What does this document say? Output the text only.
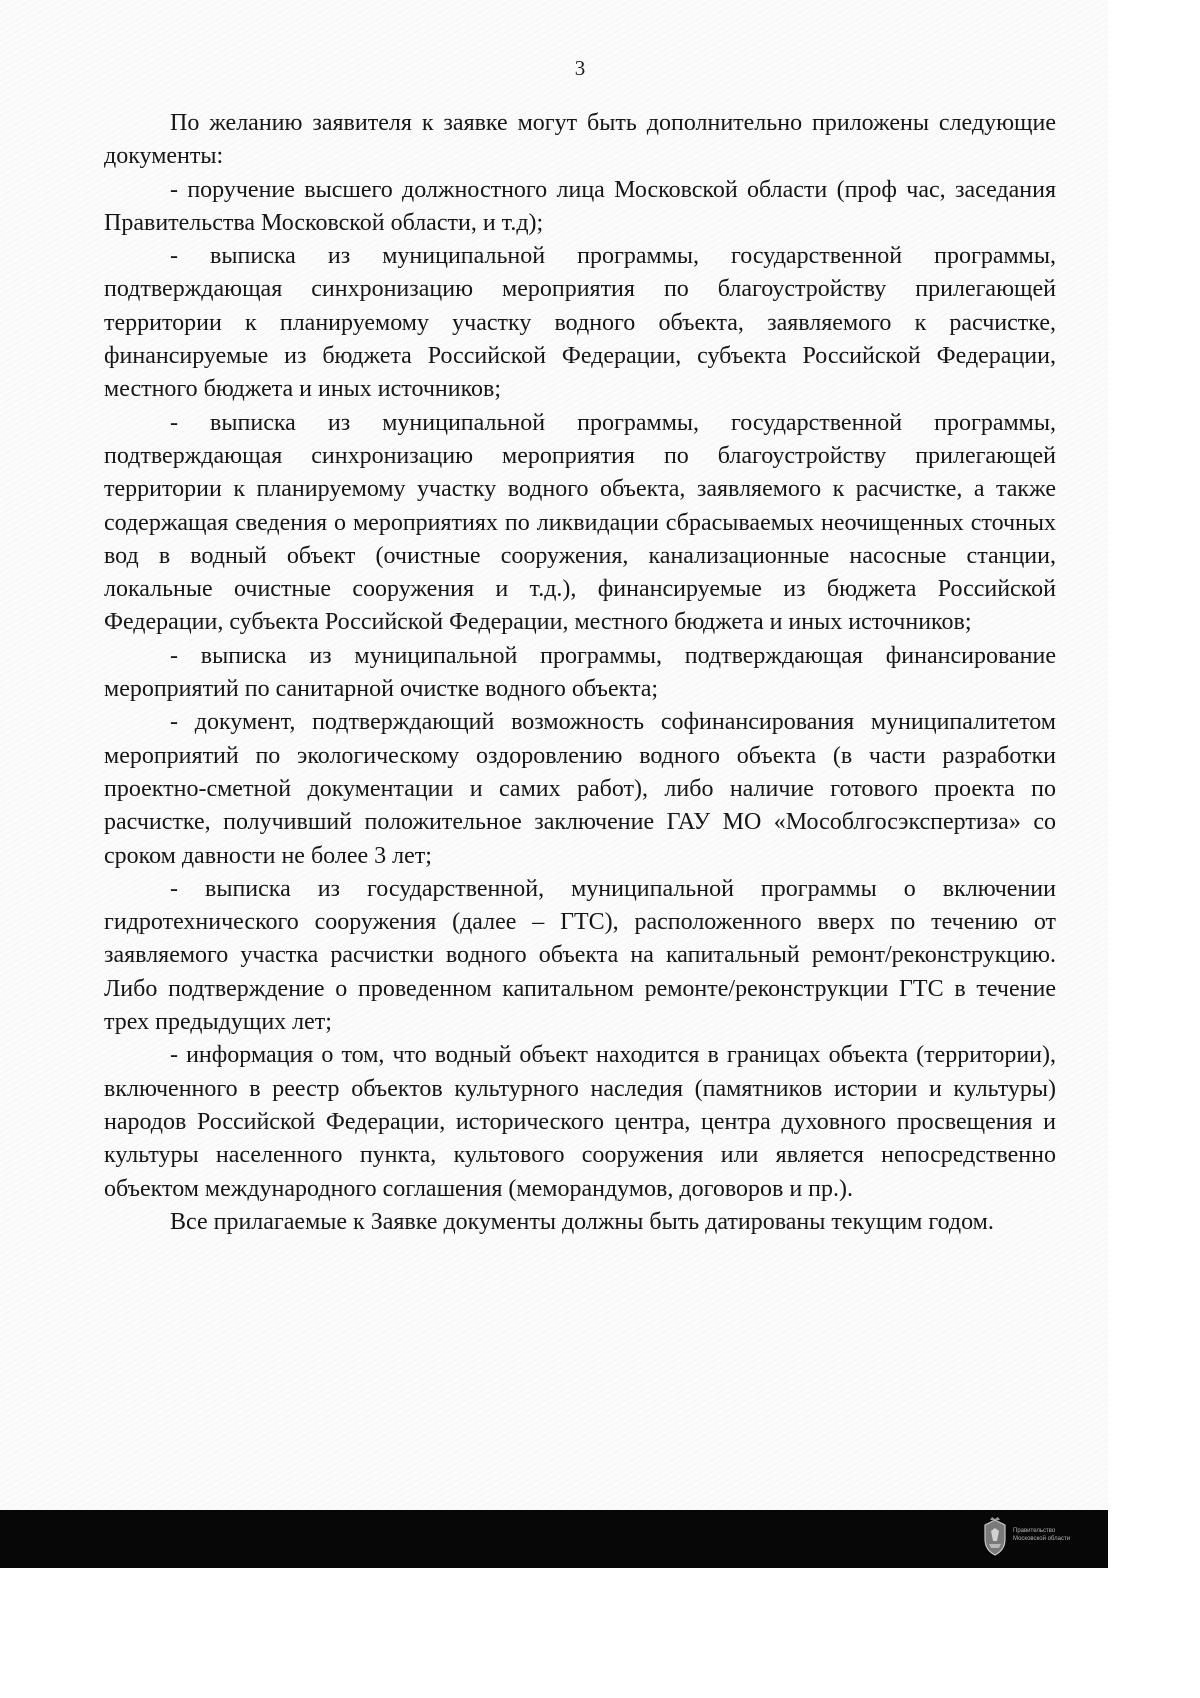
3

По желанию заявителя к заявке могут быть дополнительно приложены следующие документы:

- поручение высшего должностного лица Московской области (проф час, заседания Правительства Московской области, и т.д);

- выписка из муниципальной программы, государственной программы, подтверждающая синхронизацию мероприятия по благоустройству прилегающей территории к планируемому участку водного объекта, заявляемого к расчистке, финансируемые из бюджета Российской Федерации, субъекта Российской Федерации, местного бюджета и иных источников;

- выписка из муниципальной программы, государственной программы, подтверждающая синхронизацию мероприятия по благоустройству прилегающей территории к планируемому участку водного объекта, заявляемого к расчистке, а также содержащая сведения о мероприятиях по ликвидации сбрасываемых неочищенных сточных вод в водный объект (очистные сооружения, канализационные насосные станции, локальные очистные сооружения и т.д.), финансируемые из бюджета Российской Федерации, субъекта Российской Федерации, местного бюджета и иных источников;

- выписка из муниципальной программы, подтверждающая финансирование мероприятий по санитарной очистке водного объекта;

- документ, подтверждающий возможность софинансирования муниципалитетом мероприятий по экологическому оздоровлению водного объекта (в части разработки проектно-сметной документации и самих работ), либо наличие готового проекта по расчистке, получивший положительное заключение ГАУ МО «Мособлгосэкспертиза» со сроком давности не более 3 лет;

- выписка из государственной, муниципальной программы о включении гидротехнического сооружения (далее – ГТС), расположенного вверх по течению от заявляемого участка расчистки водного объекта на капитальный ремонт/реконструкцию. Либо подтверждение о проведенном капитальном ремонте/реконструкции ГТС в течение трех предыдущих лет;

- информация о том, что водный объект находится в границах объекта (территории), включенного в реестр объектов культурного наследия (памятников истории и культуры) народов Российской Федерации, исторического центра, центра духовного просвещения и культуры населенного пункта, культового сооружения или является непосредственно объектом международного соглашения (меморандумов, договоров и пр.).

Все прилагаемые к Заявке документы должны быть датированы текущим годом.

Правительство
Московской области
